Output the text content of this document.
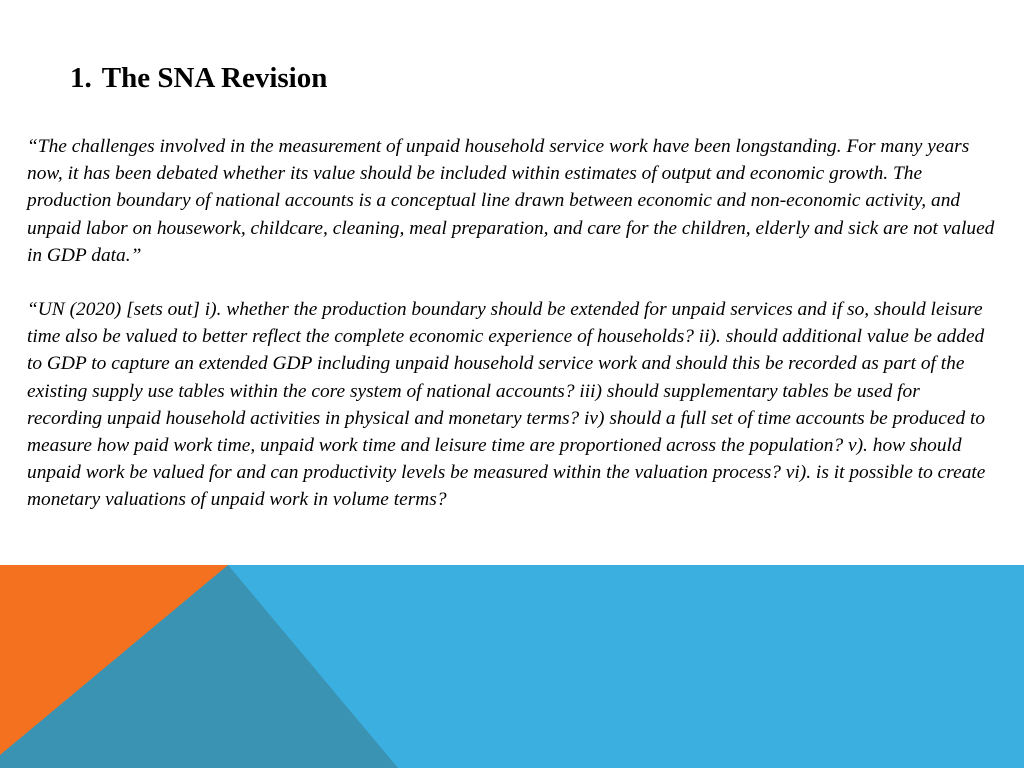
1. The SNA Revision

“The challenges involved in the measurement of unpaid household service work have been longstanding. For many years now, it has been debated whether its value should be included within estimates of output and economic growth. The production boundary of national accounts is a conceptual line drawn between economic and non-economic activity, and unpaid labor on housework, childcare, cleaning, meal preparation, and care for the children, elderly and sick are not valued in GDP data.”

“UN (2020) [sets out] i). whether the production boundary should be extended for unpaid services and if so, should leisure time also be valued to better reflect the complete economic experience of households? ii). should additional value be added to GDP to capture an extended GDP including unpaid household service work and should this be recorded as part of the existing supply use tables within the core system of national accounts? iii) should supplementary tables be used for recording unpaid household activities in physical and monetary terms? iv) should a full set of time accounts be produced to measure how paid work time, unpaid work time and leisure time are proportioned across the population? v). how should unpaid work be valued for and can productivity levels be measured within the valuation process? vi). is it possible to create monetary valuations of unpaid work in volume terms?
